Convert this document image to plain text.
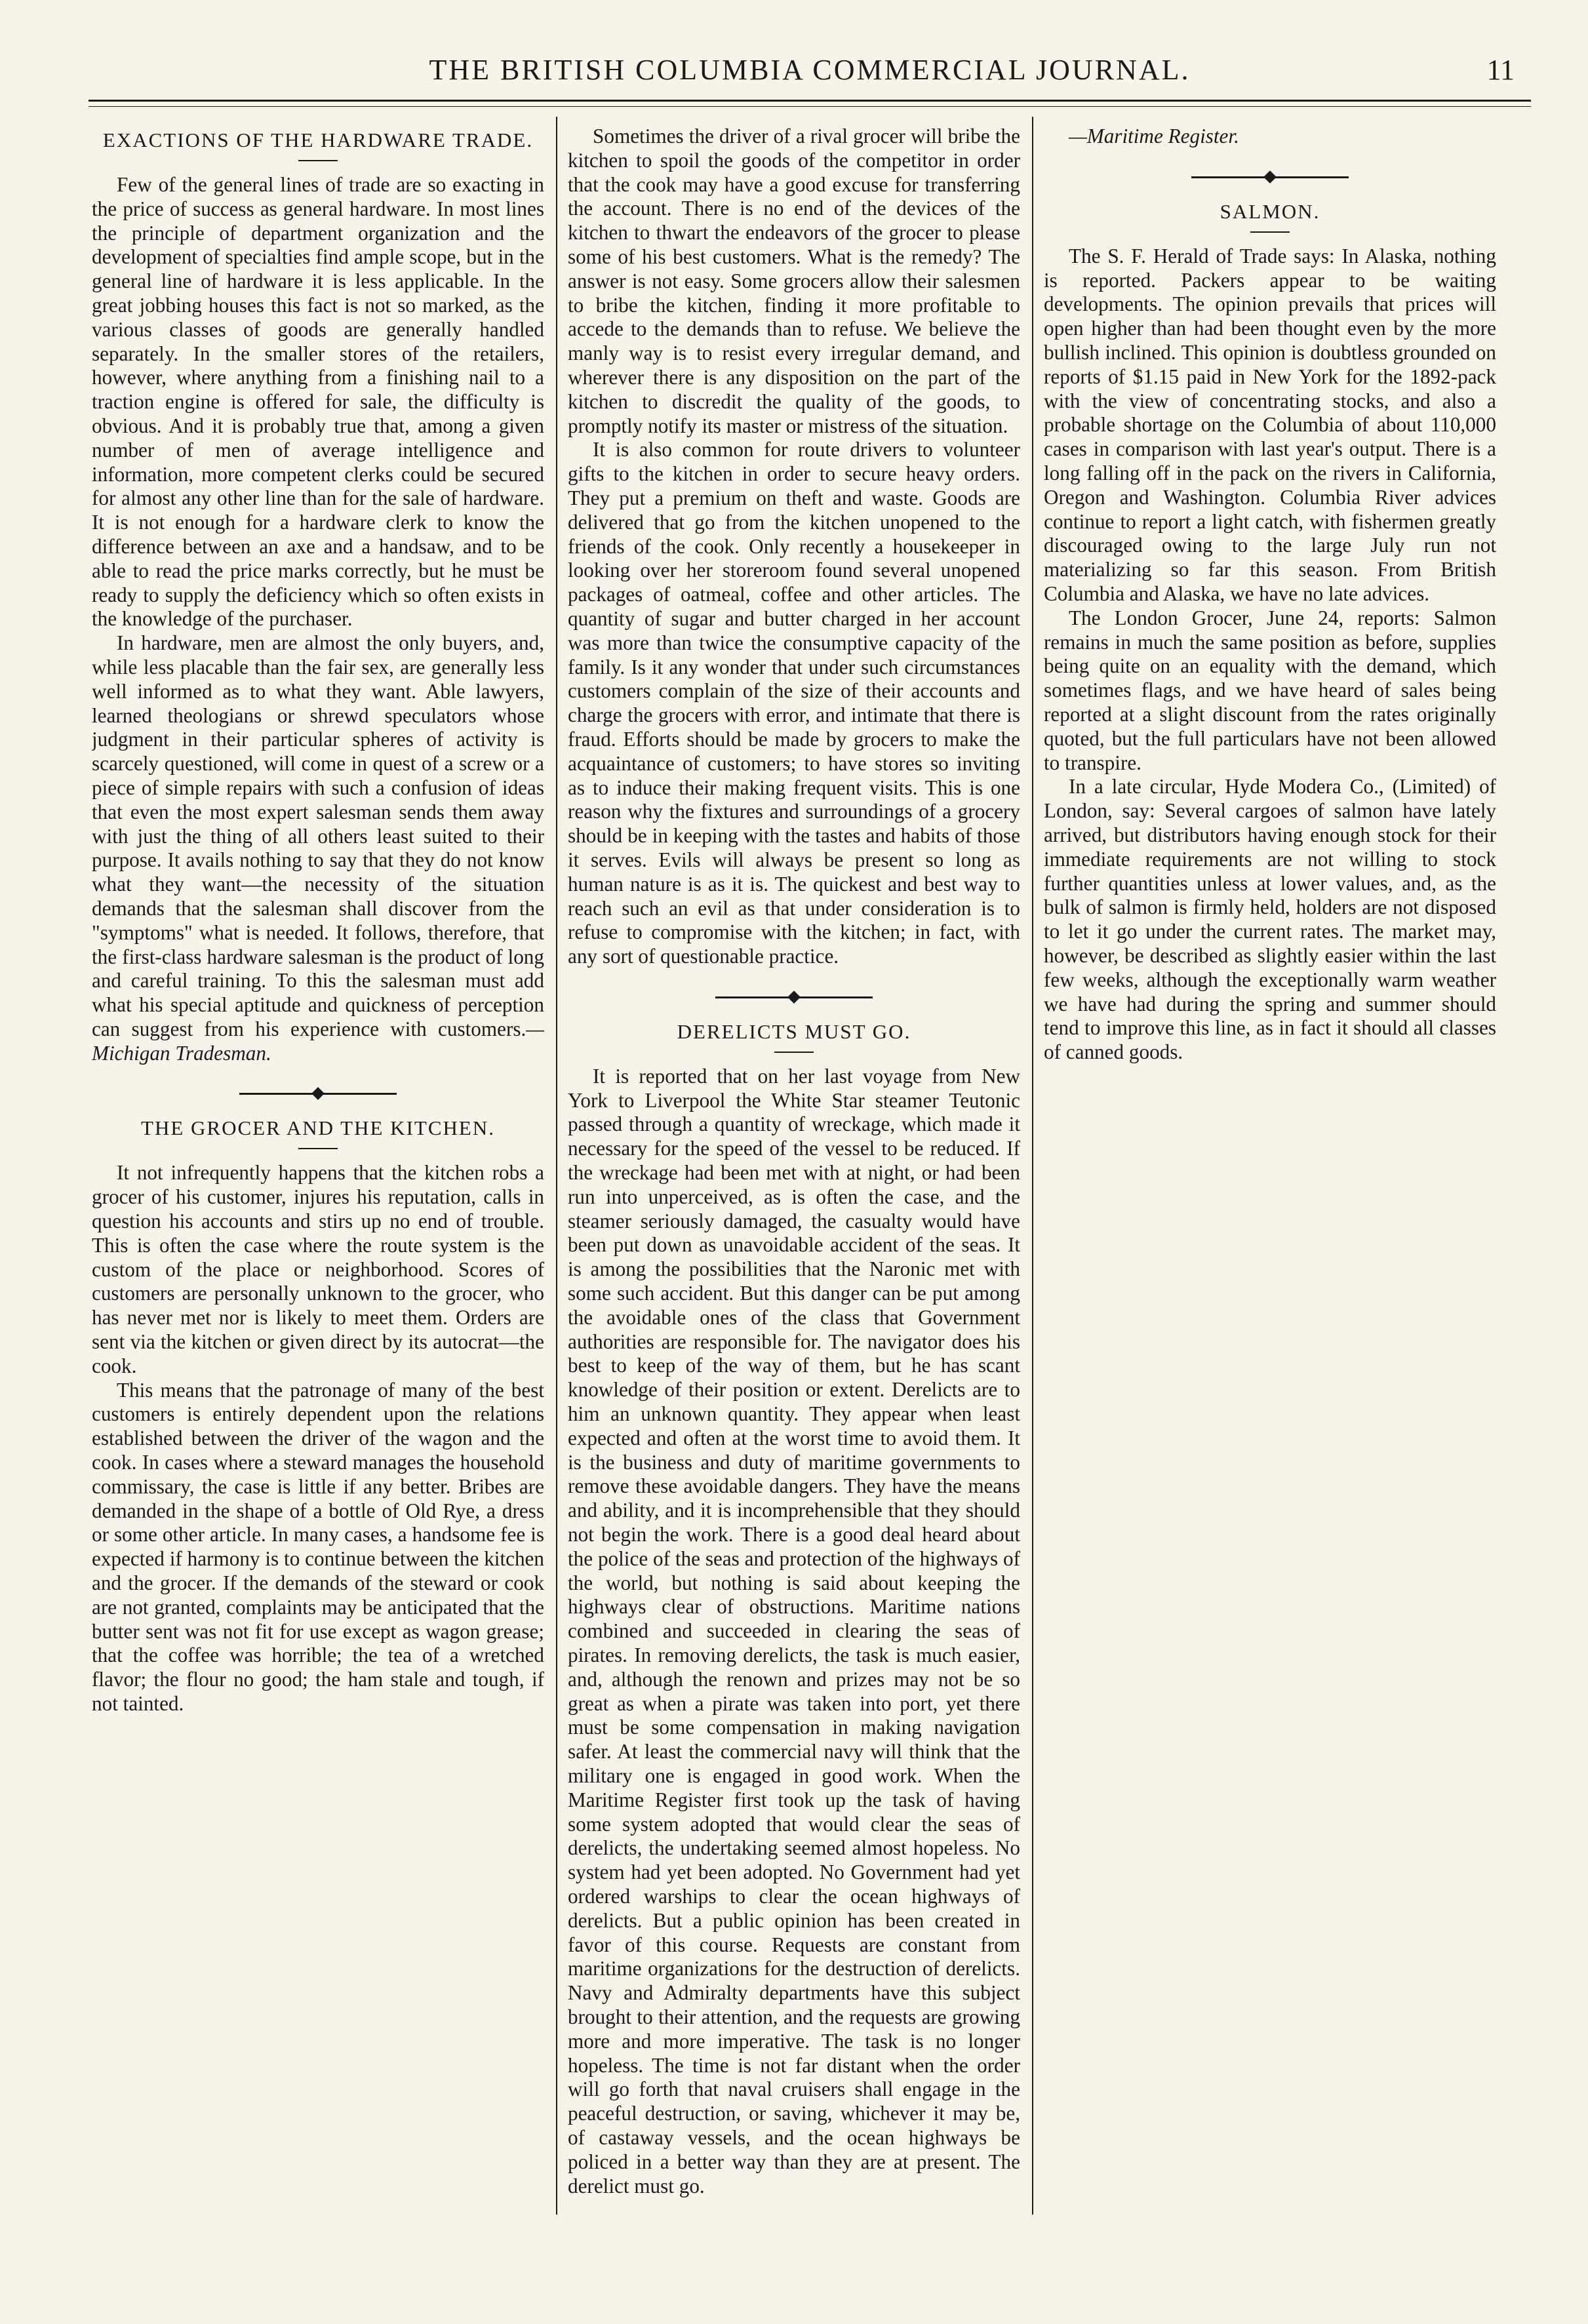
THE BRITISH COLUMBIA COMMERCIAL JOURNAL.	11
EXACTIONS OF THE HARDWARE TRADE.

Few of the general lines of trade are so exacting in the price of success as general hardware. In most lines the principle of department organization and the development of specialties find ample scope, but in the general line of hardware it is less applicable. In the great jobbing houses this fact is not so marked, as the various classes of goods are generally handled separately. In the smaller stores of the retailers, however, where anything from a finishing nail to a traction engine is offered for sale, the difficulty is obvious. And it is probably true that, among a given number of men of average intelligence and information, more competent clerks could be secured for almost any other line than for the sale of hardware. It is not enough for a hardware clerk to know the difference between an axe and a handsaw, and to be able to read the price marks correctly, but he must be ready to supply the deficiency which so often exists in the knowledge of the purchaser.

In hardware, men are almost the only buyers, and, while less placable than the fair sex, are generally less well informed as to what they want. Able lawyers, learned theologians or shrewd speculators whose judgment in their particular spheres of activity is scarcely questioned, will come in quest of a screw or a piece of simple repairs with such a confusion of ideas that even the most expert salesman sends them away with just the thing of all others least suited to their purpose. It avails nothing to say that they do not know what they want—the necessity of the situation demands that the salesman shall discover from the "symptoms" what is needed. It follows, therefore, that the first-class hardware salesman is the product of long and careful training. To this the salesman must add what his special aptitude and quickness of perception can suggest from his experience with customers.—Michigan Tradesman.

THE GROCER AND THE KITCHEN.

It not infrequently happens that the kitchen robs a grocer of his customer, injures his reputation, calls in question his accounts and stirs up no end of trouble. This is often the case where the route system is the custom of the place or neighborhood. Scores of customers are personally unknown to the grocer, who has never met nor is likely to meet them. Orders are sent via the kitchen or given direct by its autocrat—the cook.

This means that the patronage of many of the best customers is entirely dependent upon the relations established between the driver of the wagon and the cook. In cases where a steward manages the household commissary, the case is little if any better. Bribes are demanded in the shape of a bottle of Old Rye, a dress or some other article. In many cases, a handsome fee is expected if harmony is to continue between the kitchen and the grocer. If the demands of the steward or cook are not granted, complaints may be anticipated that the butter sent was not fit for use except as wagon grease; that the coffee was horrible; the tea of a wretched flavor; the flour no good; the ham stale and tough, if not tainted.

Sometimes the driver of a rival grocer will bribe the kitchen to spoil the goods of the competitor in order that the cook may have a good excuse for transferring the account. There is no end of the devices of the kitchen to thwart the endeavors of the grocer to please some of his best customers. What is the remedy? The answer is not easy. Some grocers allow their salesmen to bribe the kitchen, finding it more profitable to accede to the demands than to refuse. We believe the manly way is to resist every irregular demand, and wherever there is any disposition on the part of the kitchen to discredit the quality of the goods, to promptly notify its master or mistress of the situation.

It is also common for route drivers to volunteer gifts to the kitchen in order to secure heavy orders. They put a premium on theft and waste. Goods are delivered that go from the kitchen unopened to the friends of the cook. Only recently a housekeeper in looking over her storeroom found several unopened packages of oatmeal, coffee and other articles. The quantity of sugar and butter charged in her account was more than twice the consumptive capacity of the family. Is it any wonder that under such circumstances customers complain of the size of their accounts and charge the grocers with error, and intimate that there is fraud. Efforts should be made by grocers to make the acquaintance of customers; to have stores so inviting as to induce their making frequent visits. This is one reason why the fixtures and surroundings of a grocery should be in keeping with the tastes and habits of those it serves. Evils will always be present so long as human nature is as it is. The quickest and best way to reach such an evil as that under consideration is to refuse to compromise with the kitchen; in fact, with any sort of questionable practice.

DERELICTS MUST GO.

It is reported that on her last voyage from New York to Liverpool the White Star steamer Teutonic passed through a quantity of wreckage, which made it necessary for the speed of the vessel to be reduced. If the wreckage had been met with at night, or had been run into unperceived, as is often the case, and the steamer seriously damaged, the casualty would have been put down as unavoidable accident of the seas. It is among the possibilities that the Naronic met with some such accident. But this danger can be put among the avoidable ones of the class that Government authorities are responsible for. The navigator does his best to keep of the way of them, but he has scant knowledge of their position or extent. Derelicts are to him an unknown quantity. They appear when least expected and often at the worst time to avoid them. It is the business and duty of maritime governments to remove these avoidable dangers. They have the means and ability, and it is incomprehensible that they should not begin the work. There is a good deal heard about the police of the seas and protection of the highways of the world, but nothing is said about keeping the highways clear of obstructions. Maritime nations combined and succeeded in clearing the seas of pirates. In removing derelicts, the task is much easier, and, although the renown and prizes may not be so great as when a pirate was taken into port, yet there must be some compensation in making navigation safer. At least the commercial navy will think that the military one is engaged in good work. When the Maritime Register first took up the task of having some system adopted that would clear the seas of derelicts, the undertaking seemed almost hopeless. No system had yet been adopted. No Government had yet ordered warships to clear the ocean highways of derelicts. But a public opinion has been created in favor of this course. Requests are constant from maritime organizations for the destruction of derelicts. Navy and Admiralty departments have this subject brought to their attention, and the requests are growing more and more imperative. The task is no longer hopeless. The time is not far distant when the order will go forth that naval cruisers shall engage in the peaceful destruction, or saving, whichever it may be, of castaway vessels, and the ocean highways be policed in a better way than they are at present. The derelict must go.

—Maritime Register.

SALMON.

The S. F. Herald of Trade says: In Alaska, nothing is reported. Packers appear to be waiting developments. The opinion prevails that prices will open higher than had been thought even by the more bullish inclined. This opinion is doubtless grounded on reports of $1.15 paid in New York for the 1892-pack with the view of concentrating stocks, and also a probable shortage on the Columbia of about 110,000 cases in comparison with last year's output. There is a long falling off in the pack on the rivers in California, Oregon and Washington. Columbia River advices continue to report a light catch, with fishermen greatly discouraged owing to the large July run not materializing so far this season. From British Columbia and Alaska, we have no late advices.

The London Grocer, June 24, reports: Salmon remains in much the same position as before, supplies being quite on an equality with the demand, which sometimes flags, and we have heard of sales being reported at a slight discount from the rates originally quoted, but the full particulars have not been allowed to transpire.

In a late circular, Hyde Modera Co., (Limited) of London, say: Several cargoes of salmon have lately arrived, but distributors having enough stock for their immediate requirements are not willing to stock further quantities unless at lower values, and, as the bulk of salmon is firmly held, holders are not disposed to let it go under the current rates. The market may, however, be described as slightly easier within the last few weeks, although the exceptionally warm weather we have had during the spring and summer should tend to improve this line, as in fact it should all classes of canned goods.
